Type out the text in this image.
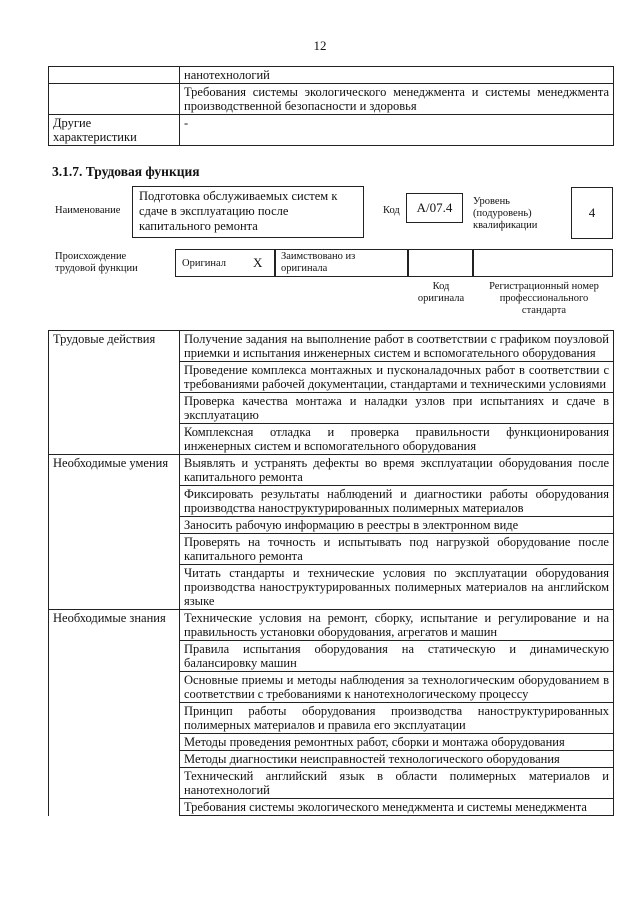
12
	нанотехнологий
	Требования системы экологического менеджмента и системы менеджмента производственной безопасности и здоровья
Другие характеристики	-
3.1.7. Трудовая функция
Наименование
Подготовка обслуживаемых систем к сдаче в эксплуатацию после капитального ремонта
Код	А/07.4	Уровень (подуровень) квалификации
4
Происхождение трудовой функции	Оригинал X Заимствовано из оригинала
Код оригинала
Регистрационный номер профессионального стандарта
Трудовые действия	Получение задания на выполнение работ в соответствии с графиком поузловой приемки и испытания инженерных систем и вспомогательного оборудования
	Проведение комплекса монтажных и пусконаладочных работ в соответствии с требованиями рабочей документации, стандартами и техническими условиями
	Проверка качества монтажа и наладки узлов при испытаниях и сдаче в эксплуатацию
	Комплексная отладка и проверка правильности функционирования инженерных систем и вспомогательного оборудования
Необходимые умения	Выявлять и устранять дефекты во время эксплуатации оборудования после капитального ремонта
	Фиксировать результаты наблюдений и диагностики работы оборудования производства наноструктурированных полимерных материалов
	Заносить рабочую информацию в реестры в электронном виде
	Проверять на точность и испытывать под нагрузкой оборудование после капитального ремонта
	Читать стандарты и технические условия по эксплуатации оборудования производства наноструктурированных полимерных материалов на английском языке
Необходимые знания	Технические условия на ремонт, сборку, испытание и регулирование и на правильность установки оборудования, агрегатов и машин
	Правила испытания оборудования на статическую и динамическую балансировку машин
	Основные приемы и методы наблюдения за технологическим оборудованием в соответствии с требованиями к нанотехнологическому процессу
	Принцип работы оборудования производства наноструктурированных полимерных материалов и правила его эксплуатации
	Методы проведения ремонтных работ, сборки и монтажа оборудования
	Методы диагностики неисправностей технологического оборудования
	Технический английский язык в области полимерных материалов и нанотехнологий
	Требования системы экологического менеджмента и системы менеджмента
